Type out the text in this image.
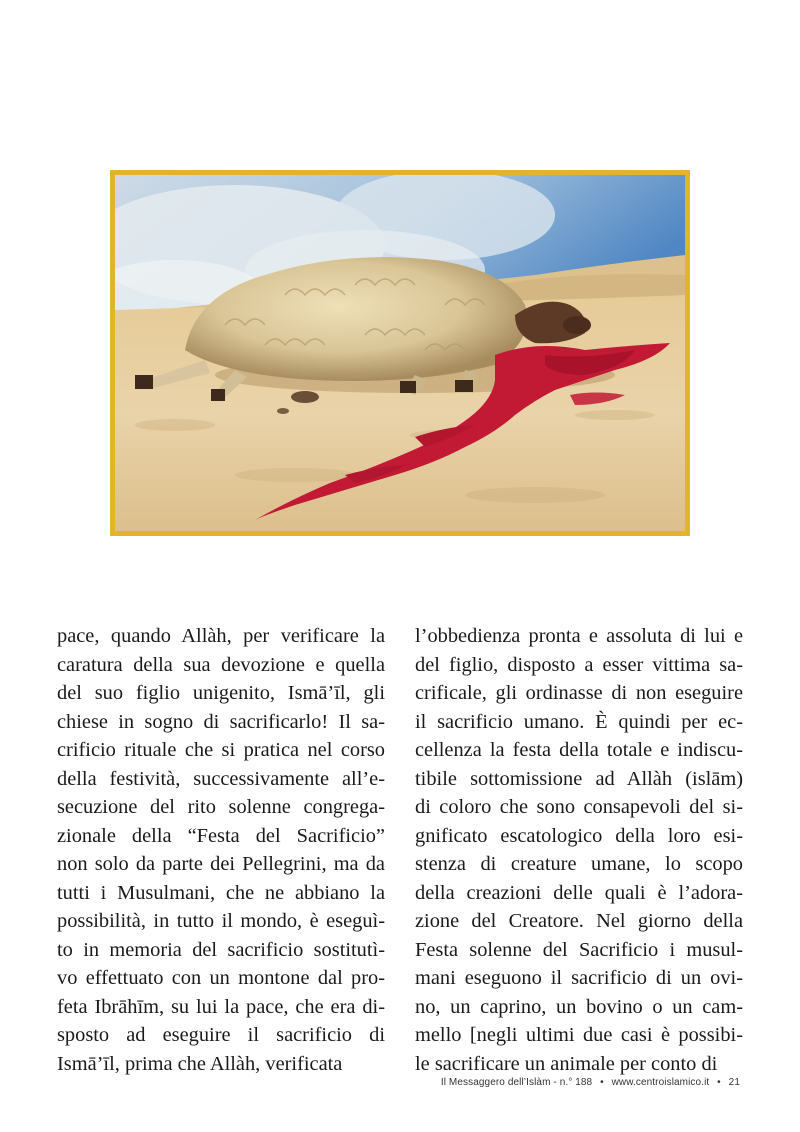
pace, quando Allàh, per verificare la
caratura della sua devozione e quella
del suo figlio unigenito, Ismā’īl, gli
chiese in sogno di sacrificarlo! Il sa-
crificio rituale che si pratica nel corso
della festività, successivamente all’e-
secuzione del rito solenne congrega-
zionale della “Festa del Sacrificio”
non solo da parte dei Pellegrini, ma da
tutti i Musulmani, che ne abbiano la
possibilità, in tutto il mondo, è eseguì-
to in memoria del sacrificio sostitutì-
vo effettuato con un montone dal pro-
feta Ibrāhīm, su lui la pace, che era di-
sposto ad eseguire il sacrificio di
Ismā’īl, prima che Allàh, verificata
l’obbedienza pronta e assoluta di lui e
del figlio, disposto a esser vittima sa-
crificale, gli ordinasse di non eseguire
il sacrificio umano. È quindi per ec-
cellenza la festa della totale e indiscu-
tibile sottomissione ad Allàh (islām)
di coloro che sono consapevoli del si-
gnificato escatologico della loro esi-
stenza di creature umane, lo scopo
della creazioni delle quali è l’adora-
zione del Creatore. Nel giorno della
Festa solenne del Sacrificio i musul-
mani eseguono il sacrificio di un ovi-
no, un caprino, un bovino o un cam-
mello [negli ultimi due casi è possibi-
le sacrificare un animale per conto di
Il Messaggero dell’Islàm - n.° 188 • www.centroislamico.it • 21
